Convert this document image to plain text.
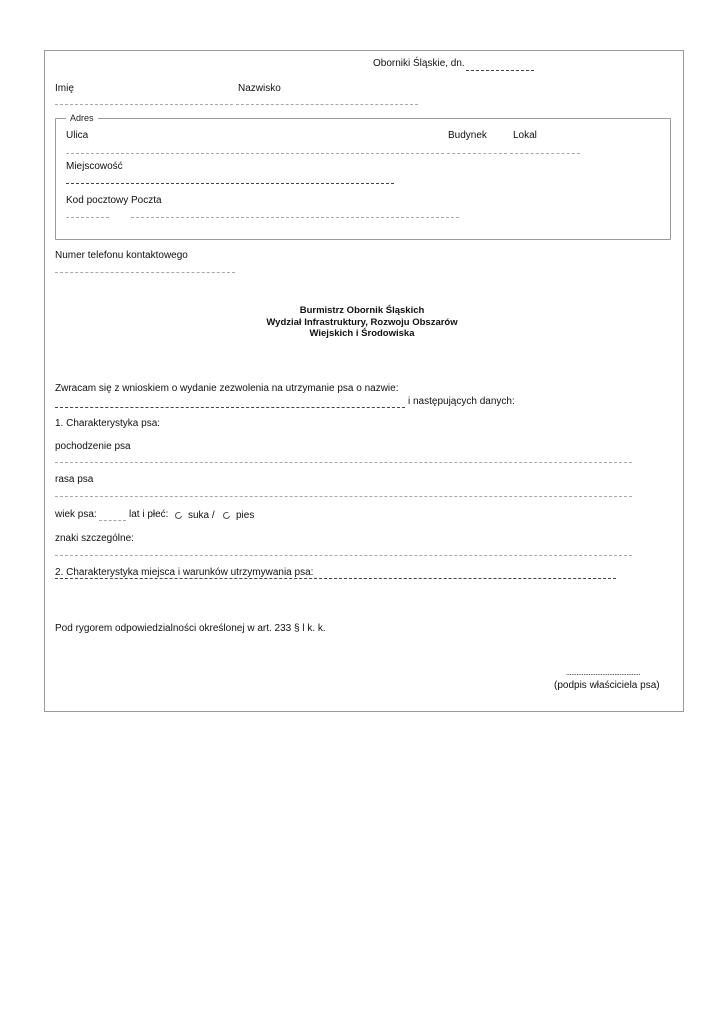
Oborniki Śląskie, dn.
Imię	Nazwisko
Adres
Ulica	Budynek	Lokal
Miejscowość
Kod pocztowy Poczta
Numer telefonu kontaktowego
Burmistrz Obornik Śląskich
Wydział Infrastruktury, Rozwoju Obszarów
Wiejskich i Środowiska
Zwracam się z wnioskiem o wydanie zezwolenia na utrzymanie psa o nazwie:
i następujących danych:
1. Charakterystyka psa:
pochodzenie psa
rasa psa
wiek psa:	lat i płeć: suka / pies
znaki szczególne:
2. Charakterystyka miejsca i warunków utrzymywania psa:
Pod rygorem odpowiedzialności określonej w art. 233 § l k. k.
...........................................
(podpis właściciela psa)
